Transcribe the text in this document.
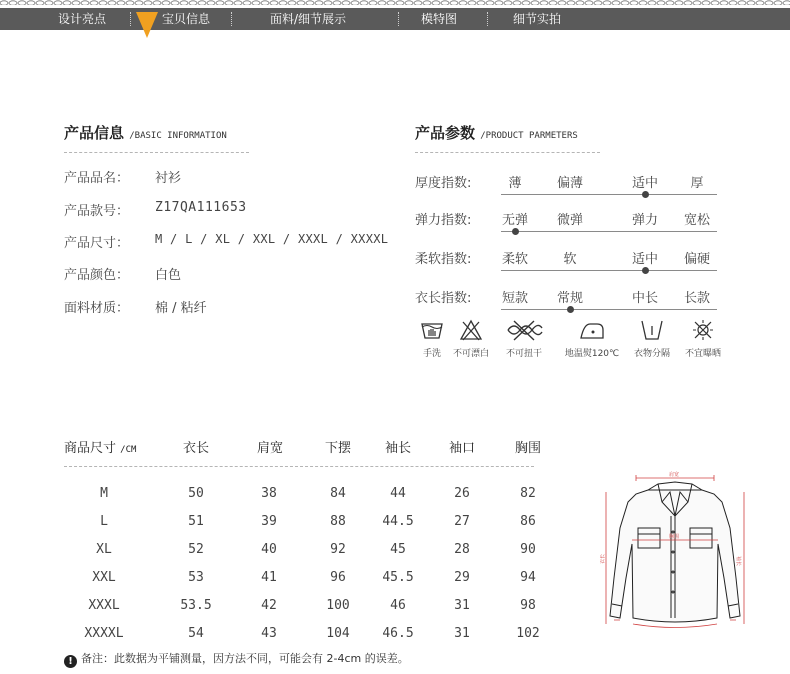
设计亮点	宝贝信息	面料/细节展示	模特图	细节实拍
产品信息 /BASIC INFORMATION
产品品名： 衬衫
产品款号： Z17QA111653
产品尺寸： M / L / XL / XXL / XXXL / XXXXL
产品颜色： 白色
面料材质： 棉 / 粘纤
产品参数 /PRODUCT PARMETERS
厚度指数:	薄	偏薄	适中	厚
弹力指数:	无弹	微弹	弹力	宽松
柔软指数:	柔软	软	适中	偏硬
衣长指数:	短款	常规	中长	长款
手洗	不可漂白	不可扭干	地温熨120℃	衣物分隔	不宜曝晒
商品尺寸 /CM	衣长	肩宽	下摆	袖长	袖口	胸围
M	50	38	84	44	26	82
L	51	39	88	44.5	27	86
XL	52	40	92	45	28	90
XXL	53	41	96	45.5	29	94
XXXL	53.5	42	100	46	31	98
XXXXL	54	43	104	46.5	31	102
肩宽
胸围
衣长	袖长
! 备注：此数据为平铺测量，因方法不同，可能会有 2-4cm 的误差。
